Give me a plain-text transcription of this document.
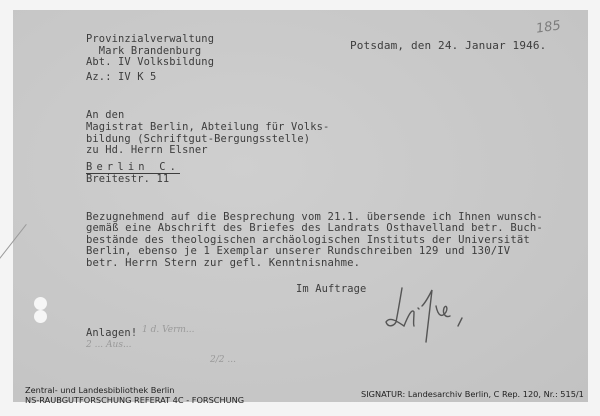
185
Provinzialverwaltung
Mark Brandenburg
Abt. IV Volksbildung
Az.: IV K 5
Potsdam, den 24. Januar 1946.
An den
Magistrat Berlin, Abteilung für Volks-
bildung (Schriftgut-Bergungsstelle)
zu Hd. Herrn Elsner
Berlin C.
Breitestr. 11
Bezugnehmend auf die Besprechung vom 21.1. übersende ich Ihnen wunsch-
gemäß eine Abschrift des Briefes des Landrats Osthavelland betr. Buch-
bestände des theologischen archäologischen Instituts der Universität
Berlin, ebenso je 1 Exemplar unserer Rundschreiben 129 und 130/IV
betr. Herrn Stern zur gefl. Kenntnisnahme.
Im Auftrage
Anlagen! 1 d. Verm...
2 ... Aus...
2/2 ...
Zentral- und Landesbibliothek Berlin
NS-RAUBGUTFORSCHUNG REFERAT 4C - FORSCHUNG
SIGNATUR: Landesarchiv Berlin, C Rep. 120, Nr.: 515/1
